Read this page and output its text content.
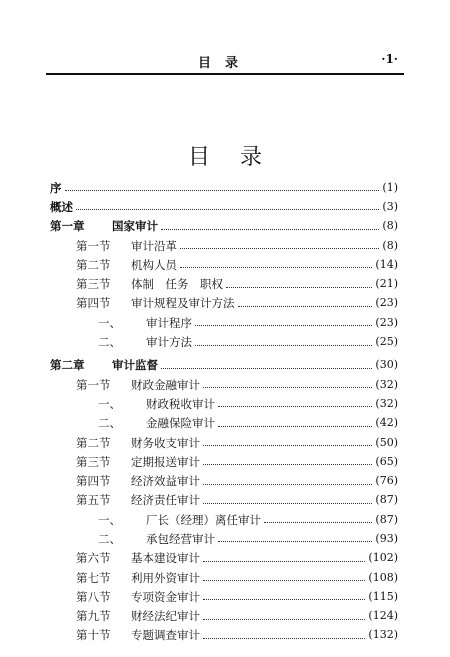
目录	·1·
目录
序	(1)
概述	(3)
第一章 国家审计	(8)
第一节 审计沿革	(8)
第二节 机构人员	(14)
第三节 体制　任务　职权	(21)
第四节 审计规程及审计方法	(23)
一、 审计程序	(23)
二、 审计方法	(25)
第二章 审计监督	(30)
第一节 财政金融审计	(32)
一、 财政税收审计	(32)
二、 金融保险审计	(42)
第二节 财务收支审计	(50)
第三节 定期报送审计	(65)
第四节 经济效益审计	(76)
第五节 经济责任审计	(87)
一、 厂长（经理）离任审计	(87)
二、 承包经营审计	(93)
第六节 基本建设审计	(102)
第七节 利用外资审计	(108)
第八节 专项资金审计	(115)
第九节 财经法纪审计	(124)
第十节 专题调查审计	(132)
